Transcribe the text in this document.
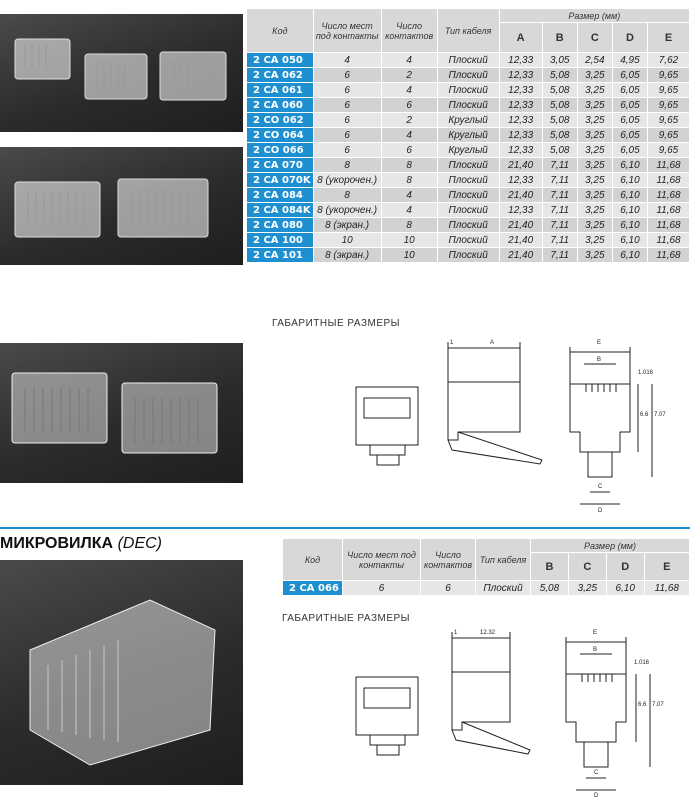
Код	Число мест под контакты	Число контактов	Тип кабеля	Размер (мм)				
				A	B	C	D	E
2 CA 050	4	4	Плоский	12,33	3,05	2,54	4,95	7,62
2 CA 062	6	2	Плоский	12,33	5,08	3,25	6,05	9,65
2 CA 061	6	4	Плоский	12,33	5,08	3,25	6,05	9,65
2 CA 060	6	6	Плоский	12,33	5,08	3,25	6,05	9,65
2 CO 062	6	2	Круглый	12,33	5,08	3,25	6,05	9,65
2 CO 064	6	4	Круглый	12,33	5,08	3,25	6,05	9,65
2 CO 066	6	6	Круглый	12,33	5,08	3,25	6,05	9,65
2 CA 070	8	8	Плоский	21,40	7,11	3,25	6,10	11,68
2 CA 070K	8 (укорочен.)	8	Плоский	12,33	7,11	3,25	6,10	11,68
2 CA 084	8	4	Плоский	21,40	7,11	3,25	6,10	11,68
2 CA 084K	8 (укорочен.)	4	Плоский	12,33	7,11	3,25	6,10	11,68
2 CA 080	8 (экран.)	8	Плоский	21,40	7,11	3,25	6,10	11,68
2 CA 100	10	10	Плоский	21,40	7,11	3,25	6,10	11,68
2 CA 101	8 (экран.)	10	Плоский	21,40	7,11	3,25	6,10	11,68
ГАБАРИТНЫЕ РАЗМЕРЫ
A
1	E
B
C
D
1.016
6.6 7.07
МИКРОВИЛКА (DEC)
Код	Число мест под контакты	Число контактов	Тип кабеля	Размер (мм)			
				B	C	D	E
2 CA 066	6	6	Плоский	5,08	3,25	6,10	11,68
ГАБАРИТНЫЕ РАЗМЕРЫ
1	12.32	E
B
C
D
1.016
6.6 7.07
